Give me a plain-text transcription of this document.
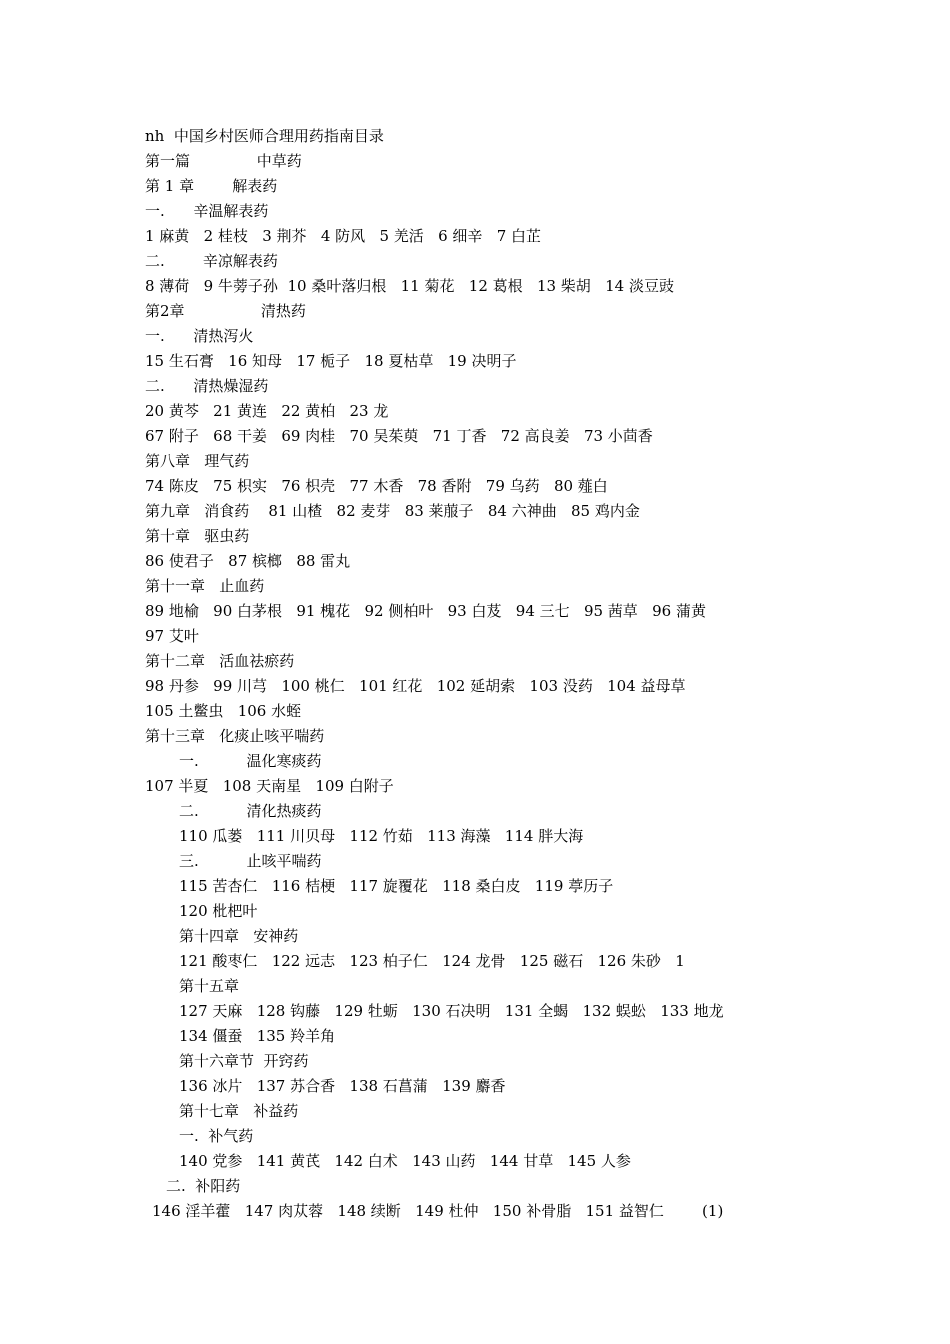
nh  中国乡村医师合理用药指南目录
第一篇              中草药
第 1 章        解表药
一.      辛温解表药
1 麻黄   2 桂枝   3 荆芥   4 防风   5 羌活   6 细辛   7 白芷
二.        辛凉解表药
8 薄荷   9 牛蒡子孙  10 桑叶落归根   11 菊花   12 葛根   13 柴胡   14 淡豆豉
第2章                清热药
一.      清热泻火
15 生石膏   16 知母   17 栀子   18 夏枯草   19 决明子
二.      清热燥湿药
20 黄芩   21 黄连   22 黄柏   23 龙
67 附子   68 干姜   69 肉桂   70 吴茱萸   71 丁香   72 高良姜   73 小茴香
第八章   理气药
74 陈皮   75 枳实   76 枳壳   77 木香   78 香附   79 乌药   80 薤白
第九章   消食药    81 山楂   82 麦芽   83 莱菔子   84 六神曲   85 鸡内金
第十章   驱虫药
86 使君子   87 槟榔   88 雷丸
第十一章   止血药
89 地榆   90 白茅根   91 槐花   92 侧柏叶   93 白芨   94 三七   95 茜草   96 蒲黄
97 艾叶
第十二章   活血祛瘀药
98 丹参   99 川芎   100 桃仁   101 红花   102 延胡索   103 没药   104 益母草
105 土鳖虫   106 水蛭
第十三章   化痰止咳平喘药
一.          温化寒痰药
107 半夏   108 天南星   109 白附子
二.          清化热痰药
110 瓜蒌   111 川贝母   112 竹茹   113 海藻   114 胖大海
三.          止咳平喘药
115 苦杏仁   116 桔梗   117 旋覆花   118 桑白皮   119 葶历子
120 枇杷叶
第十四章   安神药
121 酸枣仁   122 远志   123 柏子仁   124 龙骨   125 磁石   126 朱砂   1
第十五章
127 天麻   128 钩藤   129 牡蛎   130 石决明   131 全蝎   132 蜈蚣   133 地龙
134 僵蚕   135 羚羊角
第十六章节  开窍药
136 冰片   137 苏合香   138 石菖蒲   139 麝香
第十七章   补益药
一.  补气药
140 党参   141 黄芪   142 白术   143 山药   144 甘草   145 人参
二.  补阳药
146 淫羊藿   147 肉苁蓉   148 续断   149 杜仲   150 补骨脂   151 益智仁        (1)
